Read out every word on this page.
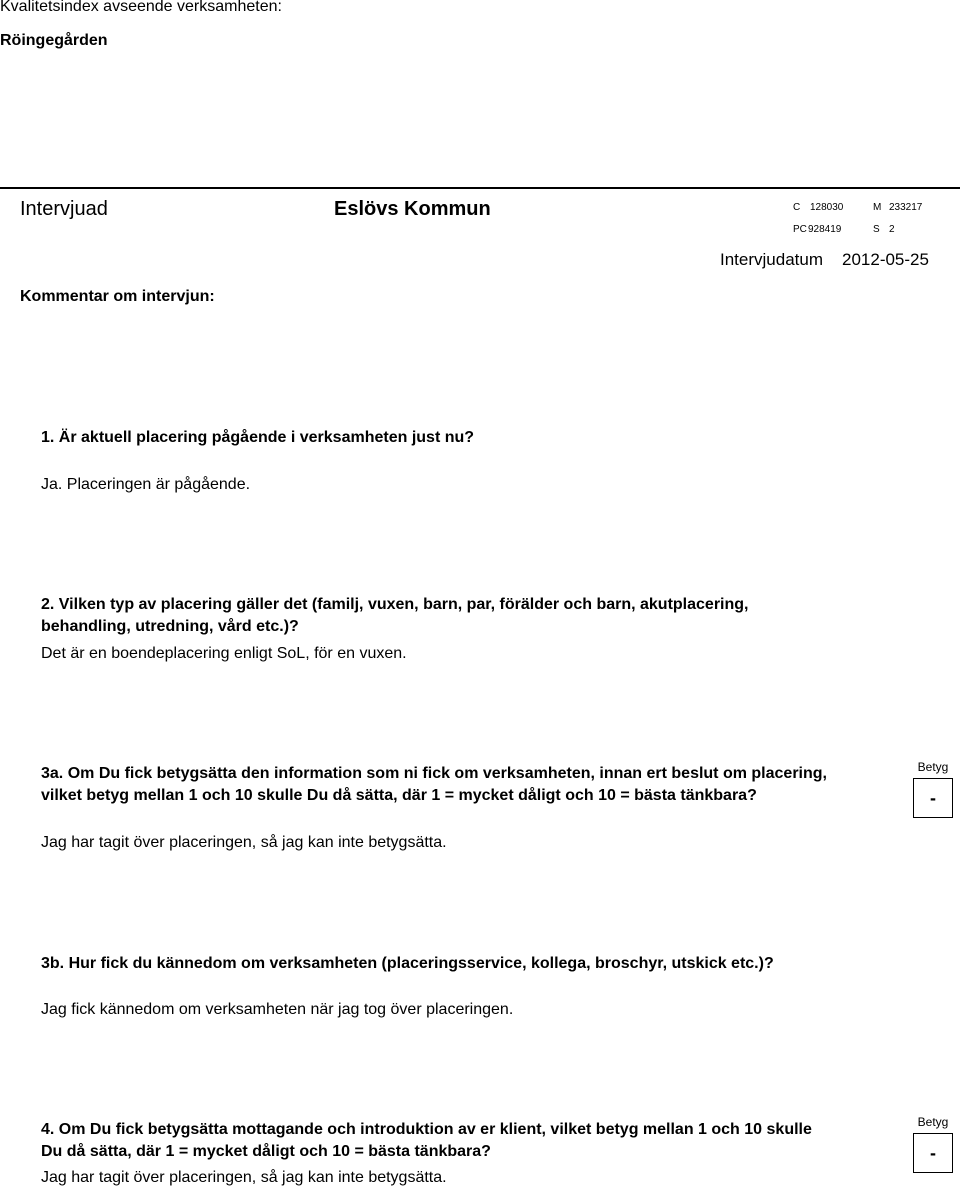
Kvalitetsindex avseende verksamheten:
Röingegården
Intervjuad	Eslövs Kommun	C 128030	M 233217
PC 928419	S 2
Intervjudatum 2012-05-25
Kommentar om intervjun:
1. Är aktuell placering pågående i verksamheten just nu?
Ja. Placeringen är pågående.
2. Vilken typ av placering gäller det (familj, vuxen, barn, par, förälder och barn, akutplacering,
behandling, utredning, vård etc.)?
Det är en boendeplacering enligt SoL, för en vuxen.
3a. Om Du fick betygsätta den information som ni fick om verksamheten, innan ert beslut om placering,
vilket betyg mellan 1 och 10 skulle Du då sätta, där 1 = mycket dåligt och 10 = bästa tänkbara?
Betyg
-
Jag har tagit över placeringen, så jag kan inte betygsätta.
3b. Hur fick du kännedom om verksamheten (placeringsservice, kollega, broschyr, utskick etc.)?
Jag fick kännedom om verksamheten när jag tog över placeringen.
4. Om Du fick betygsätta mottagande och introduktion av er klient, vilket betyg mellan 1 och 10 skulle
Du då sätta, där 1 = mycket dåligt och 10 = bästa tänkbara?
Betyg
-
Jag har tagit över placeringen, så jag kan inte betygsätta.
